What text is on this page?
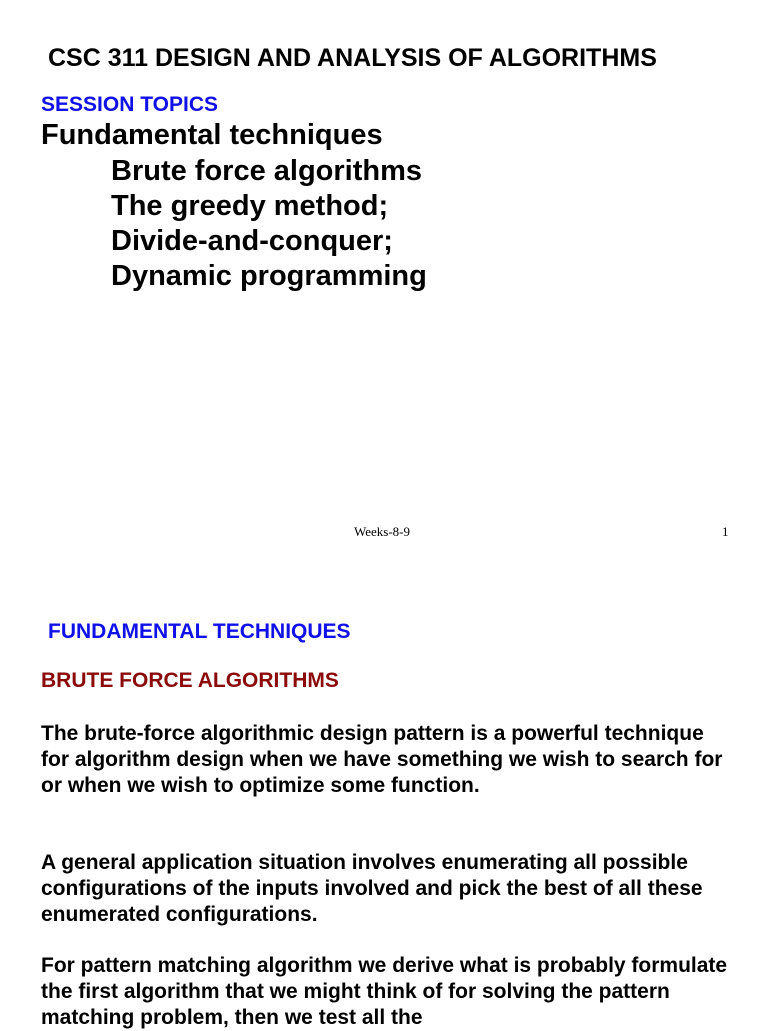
CSC 311 DESIGN AND ANALYSIS OF ALGORITHMS
SESSION TOPICS
Fundamental techniques
Brute force algorithms
The greedy method;
Divide-and-conquer;
Dynamic programming
Weeks-8-9	1
FUNDAMENTAL TECHNIQUES
BRUTE FORCE ALGORITHMS

The brute-force algorithmic design pattern is a powerful technique for algorithm design when we have something we wish to search for or when we wish to optimize some function.

A general application situation involves enumerating all possible configurations of the inputs involved and pick the best of all these enumerated configurations.

For pattern matching algorithm we derive what is probably formulate the first algorithm that we might think of for solving the pattern matching problem, then we test all the
